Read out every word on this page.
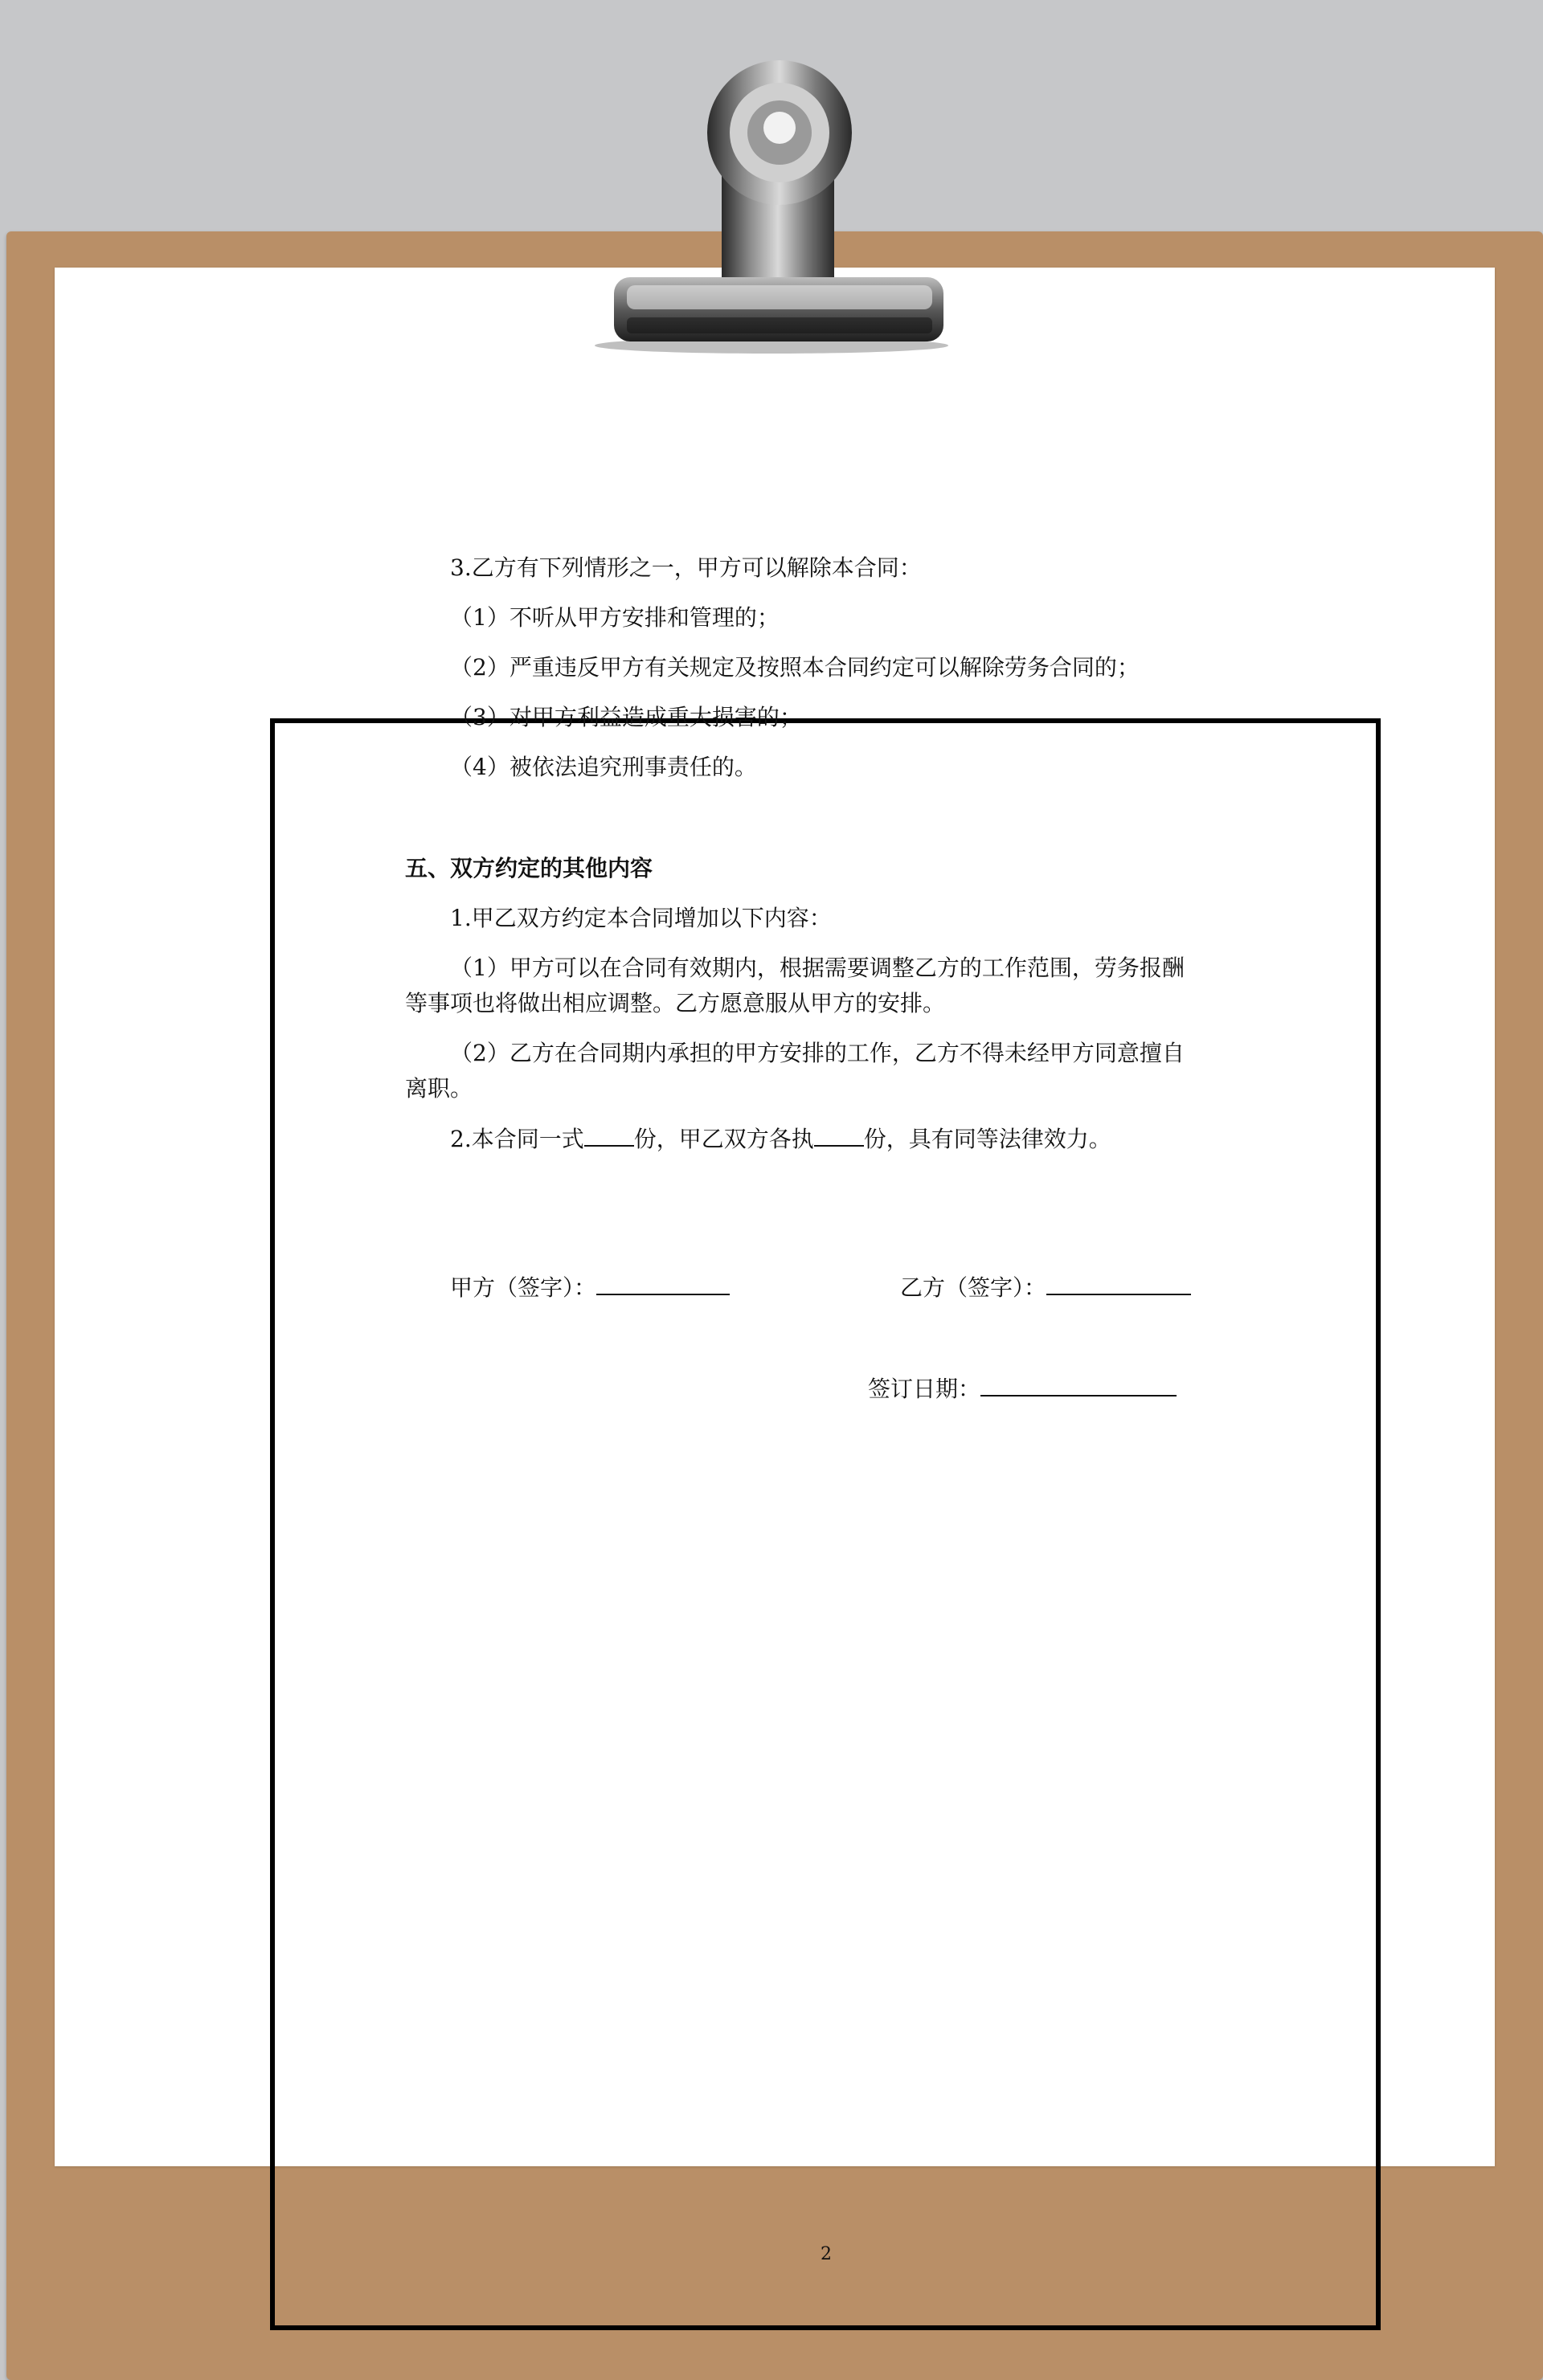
3.乙方有下列情形之一，甲方可以解除本合同：
（1）不听从甲方安排和管理的；
（2）严重违反甲方有关规定及按照本合同约定可以解除劳务合同的；
（3）对甲方利益造成重大损害的；
（4）被依法追究刑事责任的。
五、双方约定的其他内容
1.甲乙双方约定本合同增加以下内容：
（1）甲方可以在合同有效期内，根据需要调整乙方的工作范围，劳务报酬
等事项也将做出相应调整。乙方愿意服从甲方的安排。
（2）乙方在合同期内承担的甲方安排的工作，乙方不得未经甲方同意擅自
离职。
2.本合同一式 份，甲乙双方各执 份，具有同等法律效力。
甲方（签字）：	乙方（签字）：
签订日期：
2
